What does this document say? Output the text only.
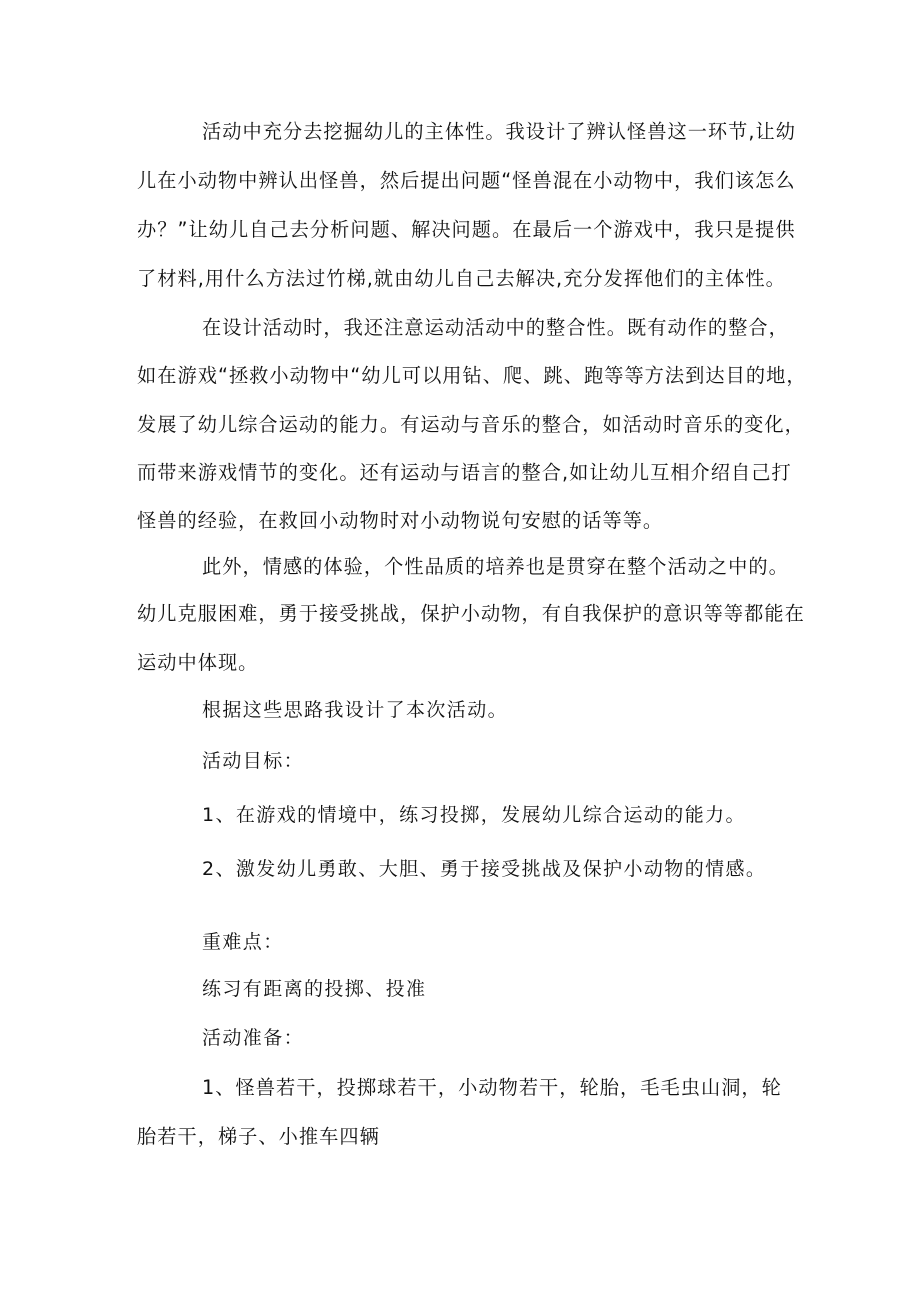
活动中充分去挖掘幼儿的主体性。我设计了辨认怪兽这一环节,让幼
儿在小动物中辨认出怪兽，然后提出问题“怪兽混在小动物中，我们该怎么
办？”让幼儿自己去分析问题、解决问题。在最后一个游戏中，我只是提供
了材料,用什么方法过竹梯,就由幼儿自己去解决,充分发挥他们的主体性。
在设计活动时，我还注意运动活动中的整合性。既有动作的整合，
如在游戏“拯救小动物中“幼儿可以用钻、爬、跳、跑等等方法到达目的地，
发展了幼儿综合运动的能力。有运动与音乐的整合，如活动时音乐的变化，
而带来游戏情节的变化。还有运动与语言的整合,如让幼儿互相介绍自己打
怪兽的经验，在救回小动物时对小动物说句安慰的话等等。
此外，情感的体验，个性品质的培养也是贯穿在整个活动之中的。
幼儿克服困难，勇于接受挑战，保护小动物，有自我保护的意识等等都能在
运动中体现。
根据这些思路我设计了本次活动。
活动目标：
1、在游戏的情境中，练习投掷，发展幼儿综合运动的能力。
2、激发幼儿勇敢、大胆、勇于接受挑战及保护小动物的情感。
重难点：
练习有距离的投掷、投准
活动准备：
1、怪兽若干，投掷球若干，小动物若干，轮胎，毛毛虫山洞，轮
胎若干，梯子、小推车四辆
